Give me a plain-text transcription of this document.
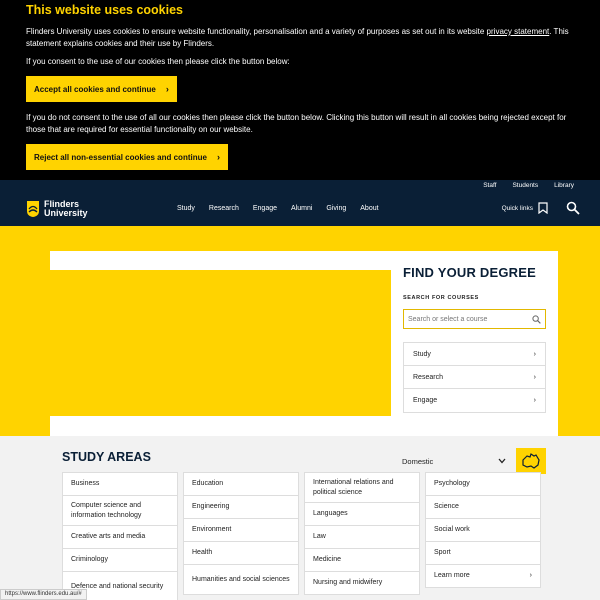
This website uses cookies

Flinders University uses cookies to ensure website functionality, personalisation and a variety of purposes as set out in its website privacy statement. This statement explains cookies and their use by Flinders.

If you consent to the use of our cookies then please click the button below:

Accept all cookies and continue ›

If you do not consent to the use of all our cookies then please click the button below. Clicking this button will result in all cookies being rejected except for those that are required for essential functionality on our website.

Reject all non-essential cookies and continue ›
Staff Students Library
Flinders
University	Study Research Engage Alumni Giving About	Quick links
FIND YOUR DEGREE
SEARCH FOR COURSES
Search or select a course
Study	›
Research	›
Engage	›
STUDY AREAS	Domestic
Business
Computer science and information technology
Creative arts and media
Criminology
Defence and national security
Education
Engineering
Environment
Health
Humanities and social sciences
International relations and political science
Languages
Law
Medicine
Nursing and midwifery
Psychology
Science
Social work
Sport
Learn more	›
https://www.flinders.edu.au/#
